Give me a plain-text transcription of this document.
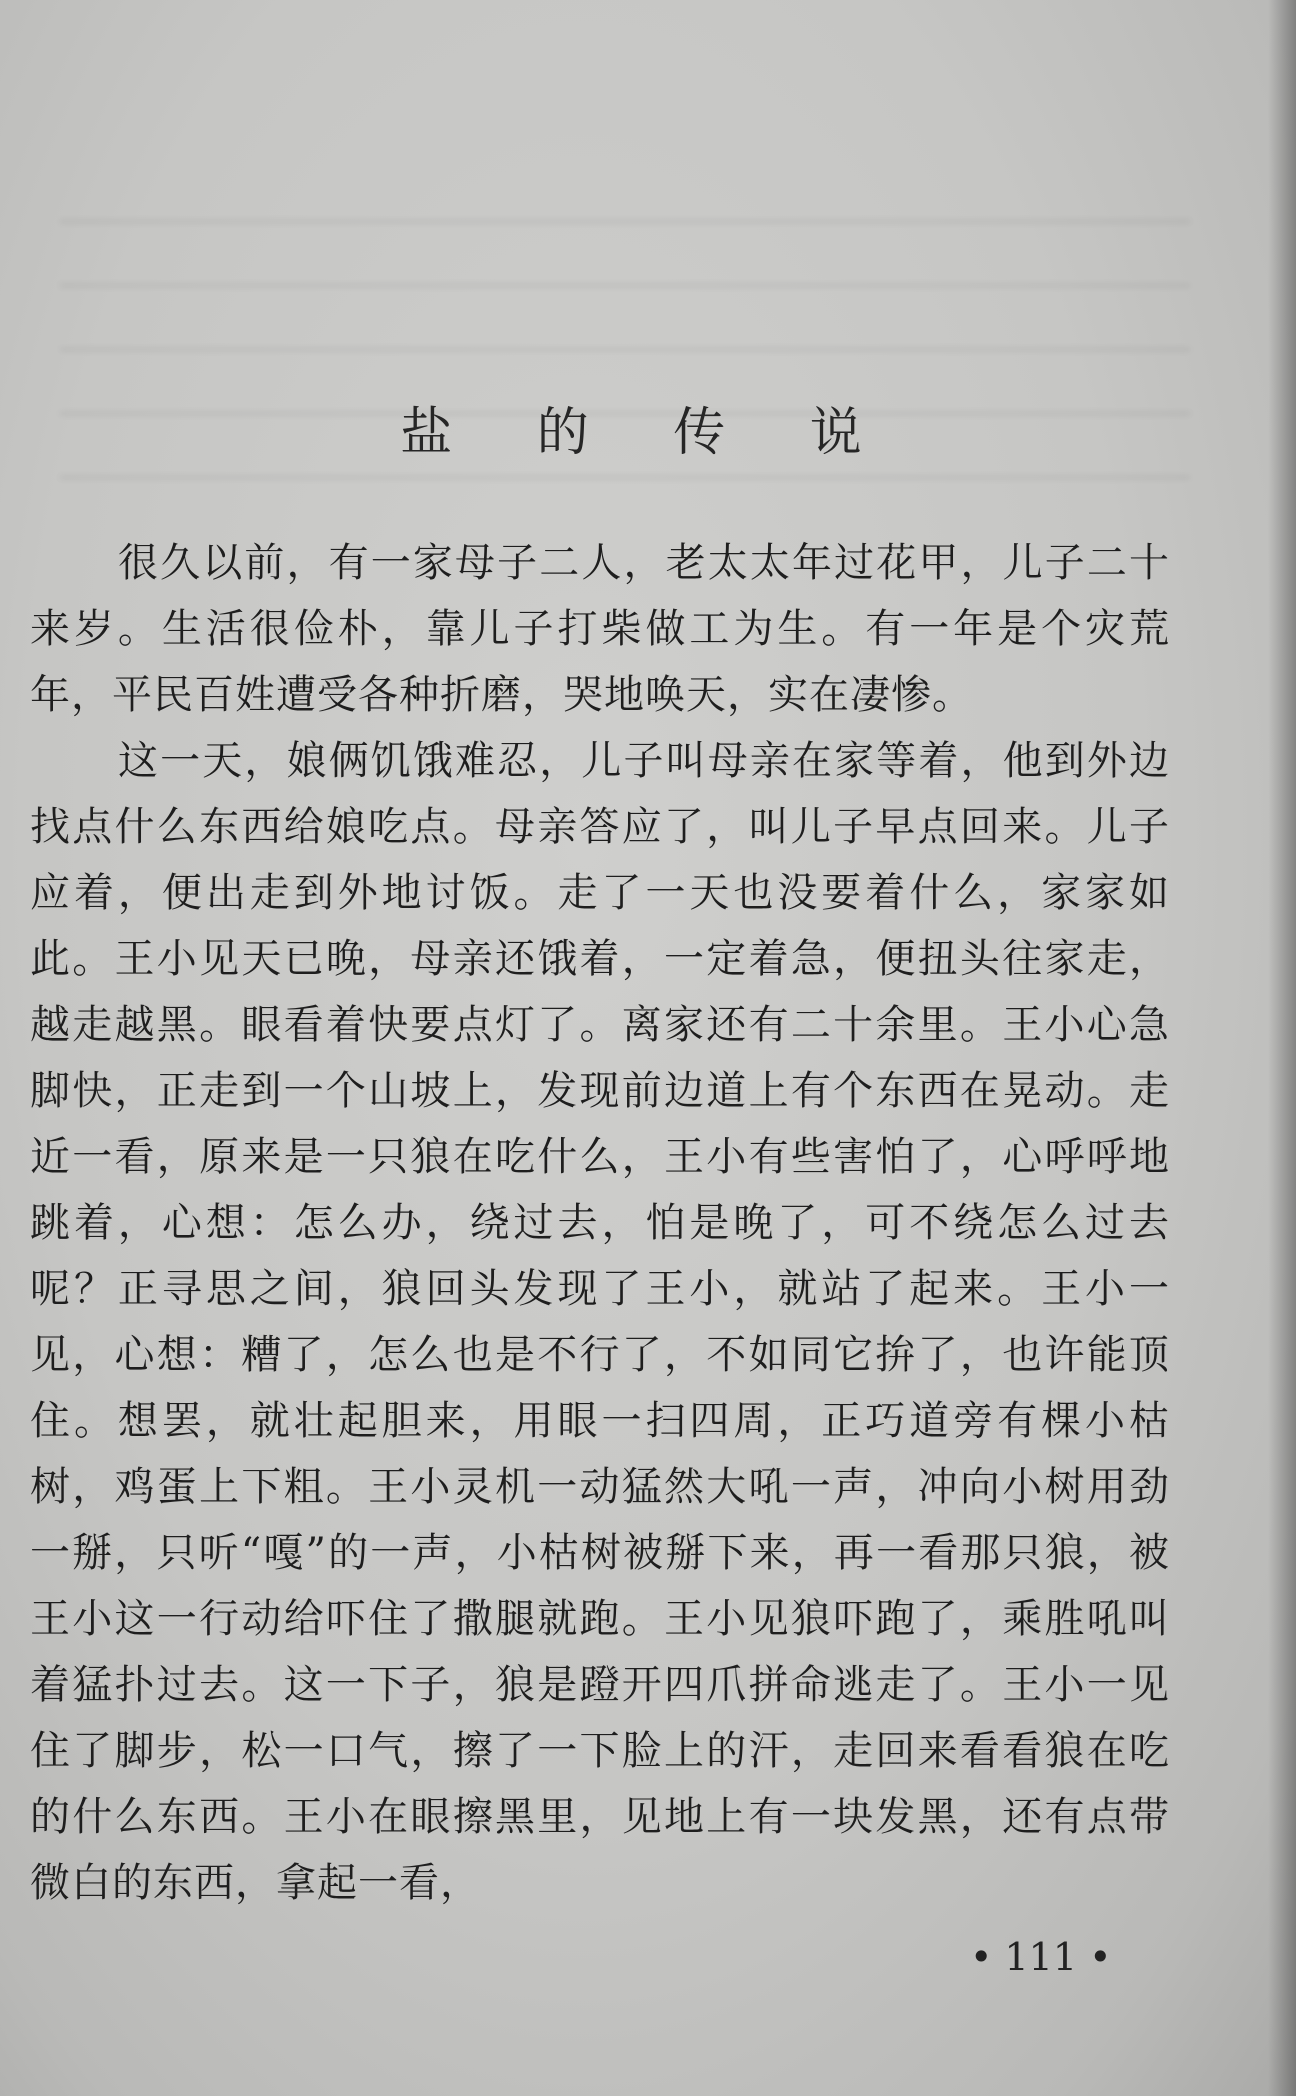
盐 的 传 说

很久以前，有一家母子二人，老太太年过花甲，儿子二十来岁。生活很俭朴，靠儿子打柴做工为生。有一年是个灾荒年，平民百姓遭受各种折磨，哭地唤天，实在凄惨。

这一天，娘俩饥饿难忍，儿子叫母亲在家等着，他到外边找点什么东西给娘吃点。母亲答应了，叫儿子早点回来。儿子应着，便出走到外地讨饭。走了一天也没要着什么，家家如此。王小见天已晚，母亲还饿着，一定着急，便扭头往家走，越走越黑。眼看着快要点灯了。离家还有二十余里。王小心急脚快，正走到一个山坡上，发现前边道上有个东西在晃动。走近一看，原来是一只狼在吃什么，王小有些害怕了，心呼呼地跳着，心想：怎么办，绕过去，怕是晚了，可不绕怎么过去呢？正寻思之间，狼回头发现了王小，就站了起来。王小一见，心想：糟了，怎么也是不行了，不如同它拚了，也许能顶住。想罢，就壮起胆来，用眼一扫四周，正巧道旁有棵小枯树，鸡蛋上下粗。王小灵机一动猛然大吼一声，冲向小树用劲一掰，只听“嘎”的一声，小枯树被掰下来，再一看那只狼，被王小这一行动给吓住了撒腿就跑。王小见狼吓跑了，乘胜吼叫着猛扑过去。这一下子，狼是蹬开四爪拼命逃走了。王小一见住了脚步，松一口气，擦了一下脸上的汗，走回来看看狼在吃的什么东西。王小在眼擦黑里，见地上有一块发黑，还有点带微白的东西，拿起一看，

• 111 •
